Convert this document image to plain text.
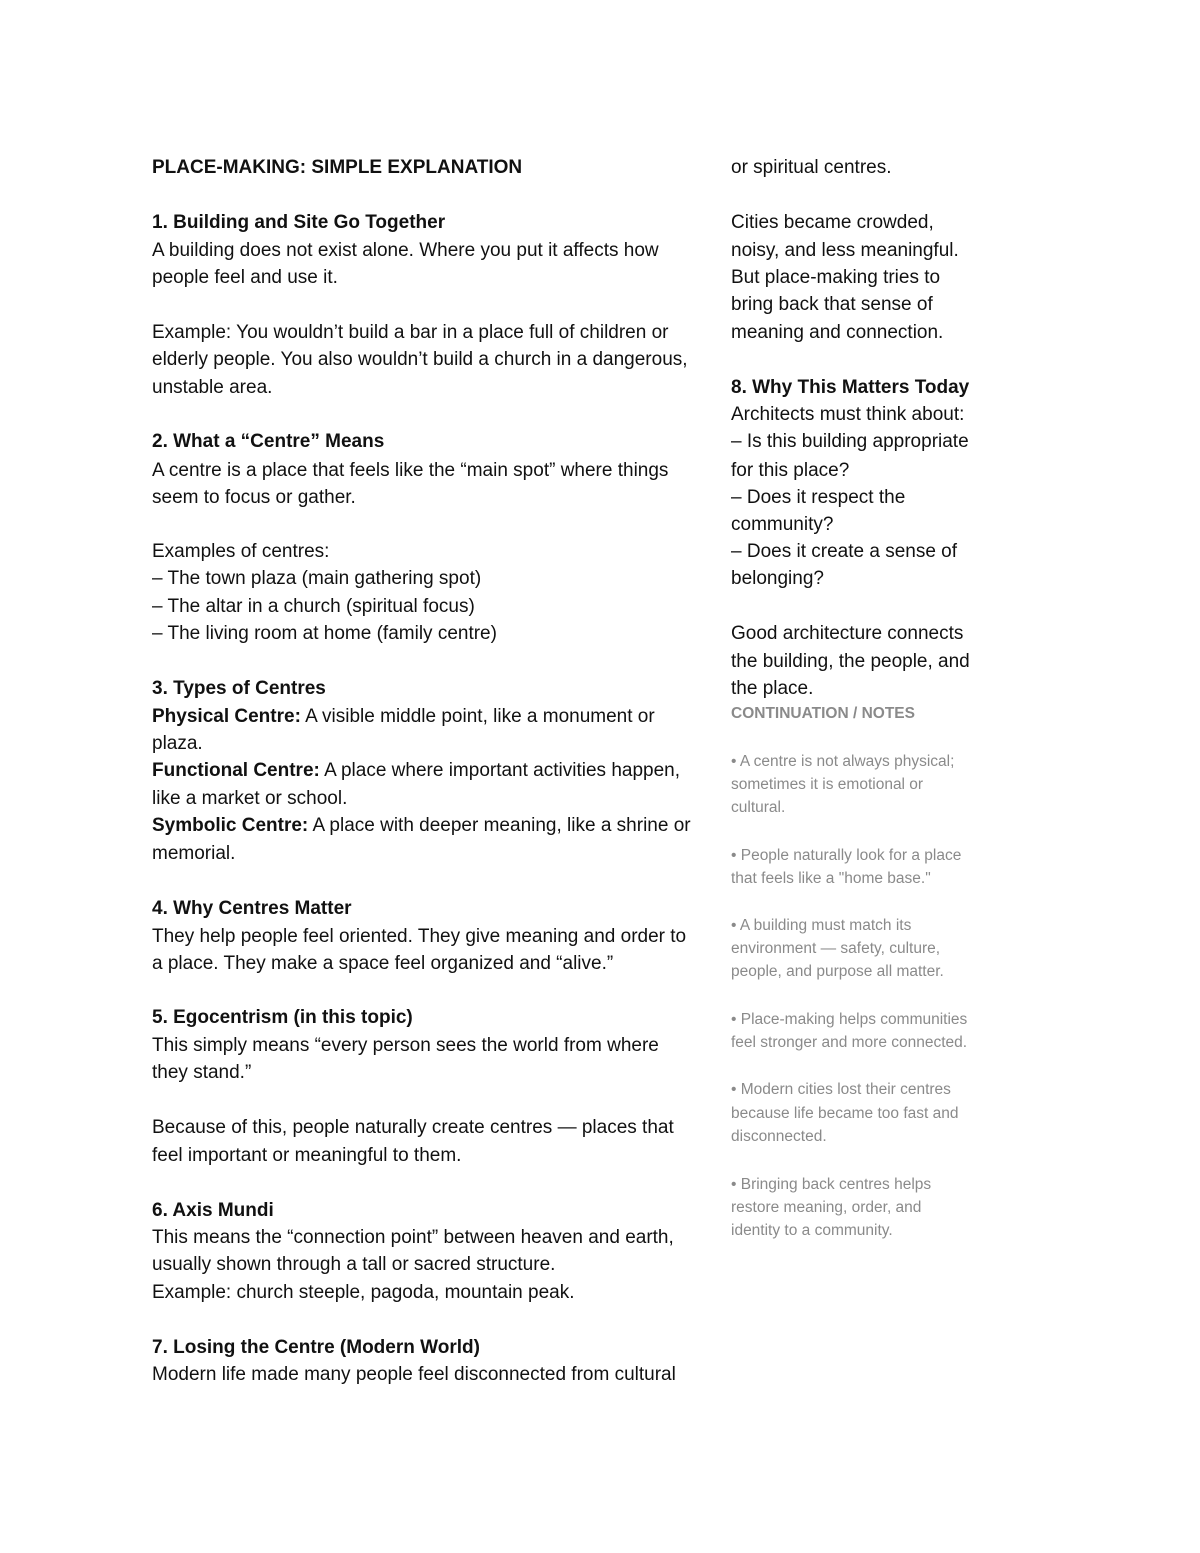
PLACE-MAKING: SIMPLE EXPLANATION
1. Building and Site Go Together
A building does not exist alone. Where you put it affects how
people feel and use it.
Example: You wouldn’t build a bar in a place full of children or
elderly people. You also wouldn’t build a church in a dangerous,
unstable area.
2. What a “Centre” Means
A centre is a place that feels like the “main spot” where things
seem to focus or gather.
Examples of centres:
– The town plaza (main gathering spot)
– The altar in a church (spiritual focus)
– The living room at home (family centre)
3. Types of Centres
Physical Centre: A visible middle point, like a monument or
plaza.
Functional Centre: A place where important activities happen,
like a market or school.
Symbolic Centre: A place with deeper meaning, like a shrine or
memorial.
4. Why Centres Matter
They help people feel oriented. They give meaning and order to
a place. They make a space feel organized and “alive.”
5. Egocentrism (in this topic)
This simply means “every person sees the world from where
they stand.”
Because of this, people naturally create centres — places that
feel important or meaningful to them.
6. Axis Mundi
This means the “connection point” between heaven and earth,
usually shown through a tall or sacred structure.
Example: church steeple, pagoda, mountain peak.
7. Losing the Centre (Modern World)
Modern life made many people feel disconnected from cultural
or spiritual centres.
Cities became crowded,
noisy, and less meaningful.
But place-making tries to
bring back that sense of
meaning and connection.
8. Why This Matters Today
Architects must think about:
– Is this building appropriate
for this place?
– Does it respect the
community?
– Does it create a sense of
belonging?
Good architecture connects
the building, the people, and
the place.
CONTINUATION / NOTES
• A centre is not always physical;
sometimes it is emotional or
cultural.
• People naturally look for a place
that feels like a "home base."
• A building must match its
environment — safety, culture,
people, and purpose all matter.
• Place-making helps communities
feel stronger and more connected.
• Modern cities lost their centres
because life became too fast and
disconnected.
• Bringing back centres helps
restore meaning, order, and
identity to a community.
